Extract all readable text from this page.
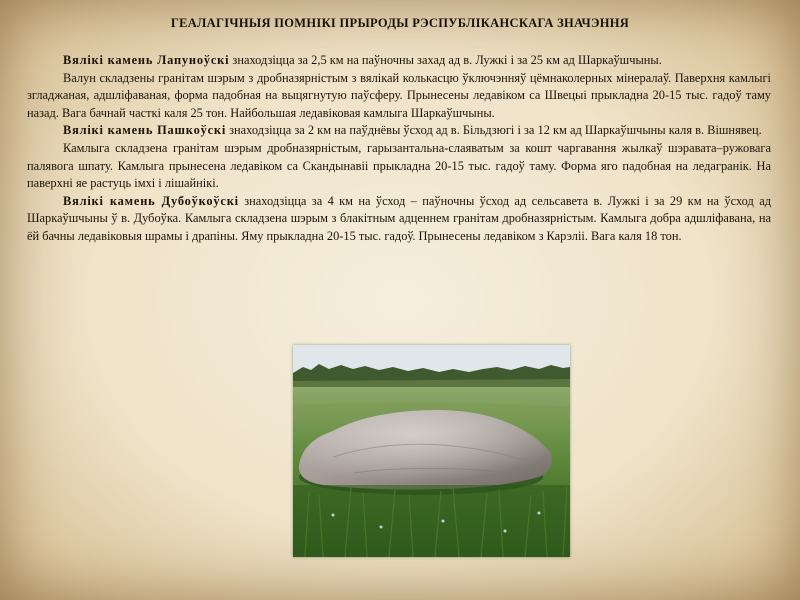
ГЕАЛАГІЧНЫЯ ПОМНІКІ ПРЫРОДЫ РЭСПУБЛІКАНСКАГА ЗНАЧЭННЯ

Вялікі камень Лапуноўскі знаходзіцца за 2,5 км на паўночны захад ад в. Лужкі і за 25 км ад Шаркаўшчыны.

Валун складзены гранітам шэрым з дробназярністым з вялікай колькасцю ўключэнняў цёмнаколерных мінералаў. Паверхня камлыгі згладжаная, адшліфаваная, форма падобная на выцягнутую паўсферу. Прынесены ледавіком са Швецыі прыкладна 20-15 тыс. гадоў таму назад. Вага бачнай часткі каля 25 тон. Найбольшая ледавіковая камлыга Шаркаўшчыны.

Вялікі камень Пашкоўскі знаходзіцца за 2 км на паўднёвы ўсход ад в. Більдзюгі і за 12 км ад Шаркаўшчыны каля в. Вішнявец.

Камлыга складзена гранітам шэрым дробназярністым, гарызантальна-слаяватым за кошт чаргавання жылкаў шэравата–ружовага палявога шпату. Камлыга прынесена ледавіком са Скандынавіі прыкладна 20-15 тыс. гадоў таму. Форма яго падобная на ледагранік. На паверхні яе растуць імхі і лішайнікі.

Вялікі камень Дубоўкоўскі знаходзіцца за 4 км на ўсход – паўночны ўсход ад сельсавета в. Лужкі і за 29 км на ўсход ад Шаркаўшчыны ў в. Дубоўка. Камлыга складзена шэрым з блакітным адценнем гранітам дробназярністым. Камлыга добра адшліфавана, на ёй бачны ледавіковыя шрамы і драпіны. Яму прыкладна 20-15 тыс. гадоў. Прынесены ледавіком з Карэліі. Вага каля 18 тон.
